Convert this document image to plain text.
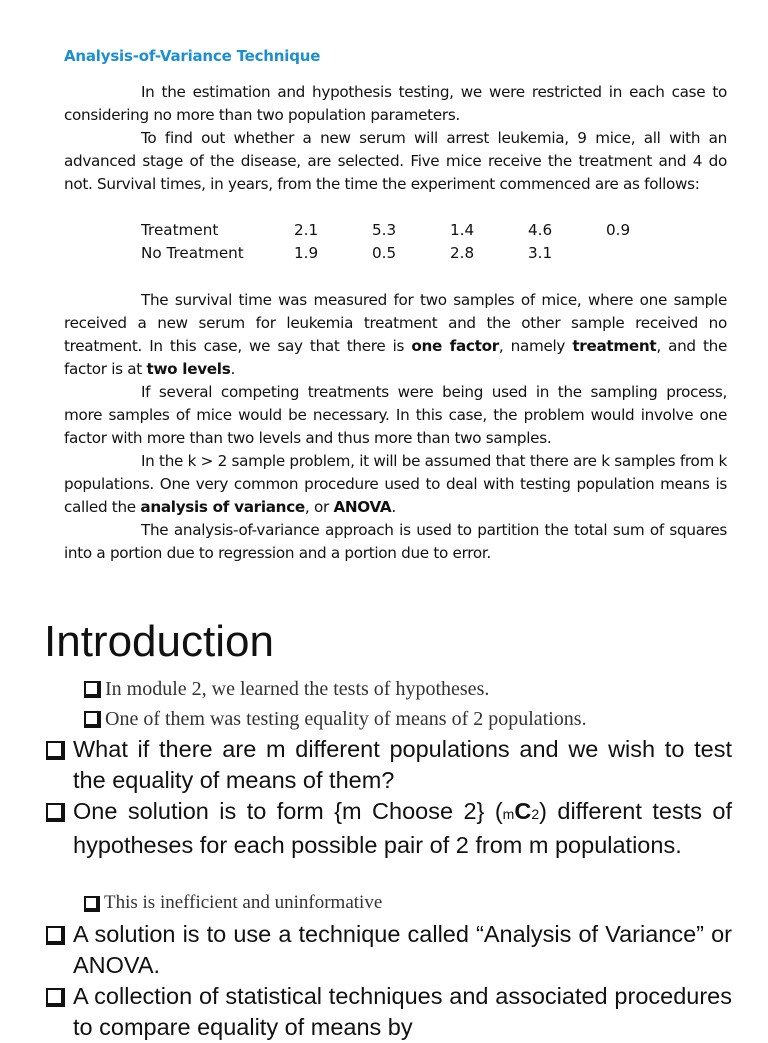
Analysis-of-Variance Technique
In the estimation and hypothesis testing, we were restricted in each case to considering no more than two population parameters.
To find out whether a new serum will arrest leukemia, 9 mice, all with an advanced stage of the disease, are selected. Five mice receive the treatment and 4 do not. Survival times, in years, from the time the experiment commenced are as follows:
Treatment	2.1	5.3	1.4	4.6	0.9
No Treatment	1.9	0.5	2.8	3.1	
The survival time was measured for two samples of mice, where one sample received a new serum for leukemia treatment and the other sample received no treatment. In this case, we say that there is one factor, namely treatment, and the factor is at two levels.
If several competing treatments were being used in the sampling process, more samples of mice would be necessary. In this case, the problem would involve one factor with more than two levels and thus more than two samples.
In the k > 2 sample problem, it will be assumed that there are k samples from k populations. One very common procedure used to deal with testing population means is called the analysis of variance, or ANOVA.
The analysis-of-variance approach is used to partition the total sum of squares into a portion due to regression and a portion due to error.
Introduction
In module 2, we learned the tests of hypotheses.
One of them was testing equality of means of 2 populations.
What if there are m different populations and we wish to test the equality of means of them?
One solution is to form {m Choose 2} (mC2) different tests of hypotheses for each possible pair of 2 from m populations.
This is inefficient and uninformative
A solution is to use a technique called “Analysis of Variance” or ANOVA.
A collection of statistical techniques and associated procedures to compare equality of means by
